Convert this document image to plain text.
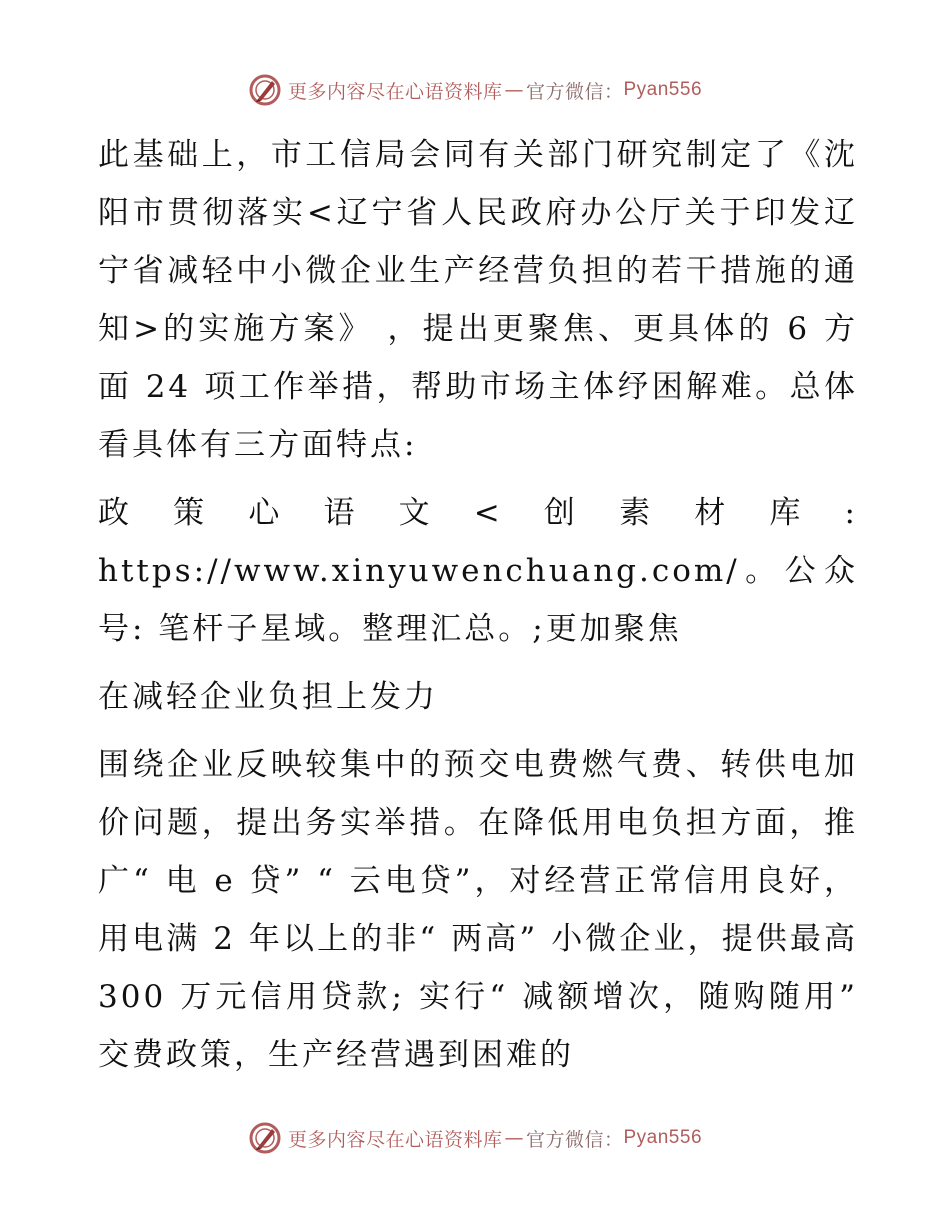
更多内容尽在心语资料库 — 官方微信： Pyan556

此基础上，市工信局会同有关部门研究制定了《沈阳市贯彻落实<辽宁省人民政府办公厅关于印发辽宁省减轻中小微企业生产经营负担的若干措施的通知>的实施方案》 ，提出更聚焦、更具体的 6 方面 24 项工作举措，帮助市场主体纾困解难。总体看具体有三方面特点:

政策心语文<创素材库: https://www.xinyuwenchuang.com/。公众号: 笔杆子星域。整理汇总。;更加聚焦

在减轻企业负担上发力

围绕企业反映较集中的预交电费燃气费、转供电加价问题，提出务实举措。在降低用电负担方面，推广“ 电 e 贷” “ 云电贷”，对经营正常信用良好，用电满 2 年以上的非“ 两高” 小微企业，提供最高 300 万元信用贷款; 实行“ 减额增次，随购随用” 交费政策，生产经营遇到困难的

更多内容尽在心语资料库 — 官方微信： Pyan556
